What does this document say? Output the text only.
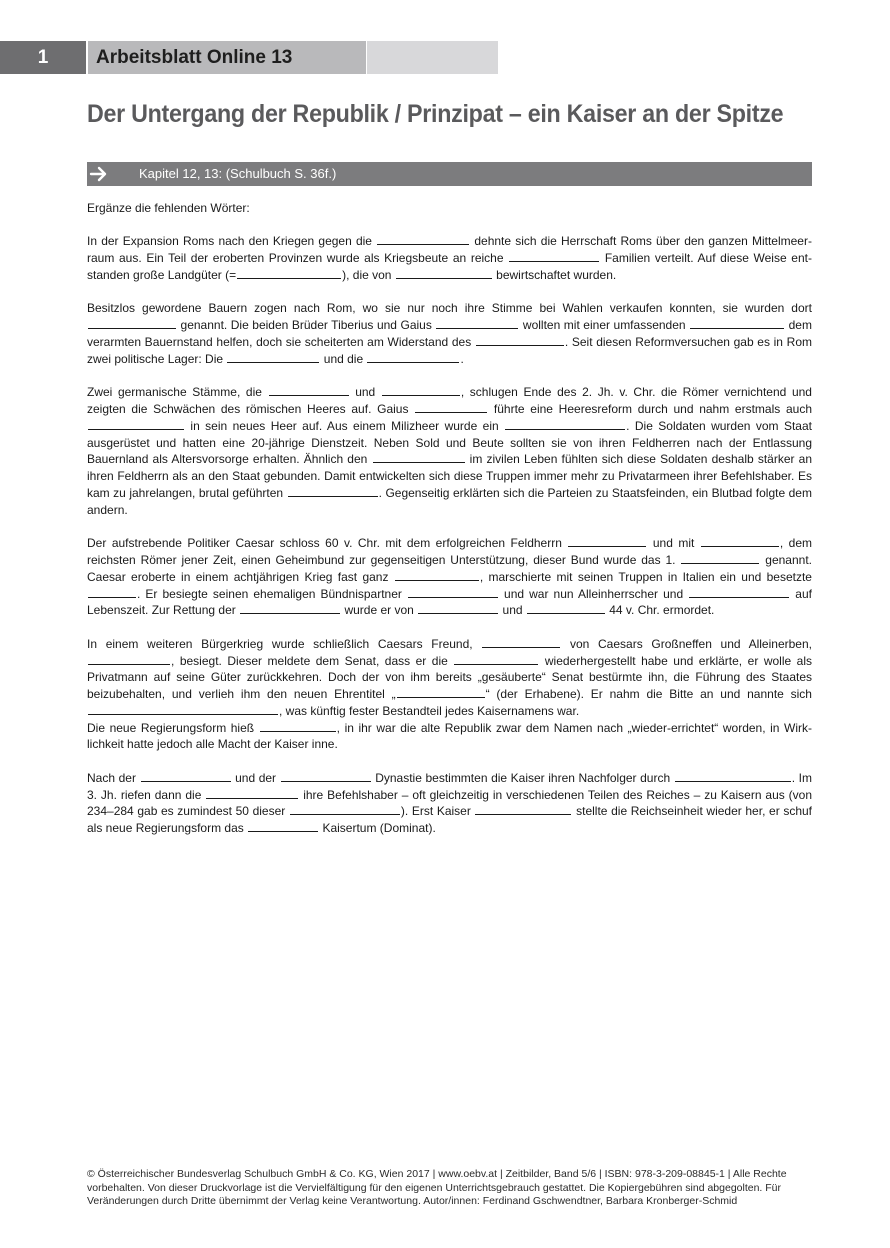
1	Arbeitsblatt Online 13
Der Untergang der Republik / Prinzipat – ein Kaiser an der Spitze
Kapitel 12, 13: (Schulbuch S. 36f.)

Ergänze die fehlenden Wörter:

In der Expansion Roms nach den Kriegen gegen die	dehnte sich die Herrschaft Roms über den ganzen Mittelmeerraum aus. Ein Teil der eroberten Provinzen wurde als Kriegsbeute an reiche	Familien verteilt. Auf diese Weise entstanden große Landgüter (=	), die von	bewirtschaftet wurden.

Besitzlos gewordene Bauern zogen nach Rom, wo sie nur noch ihre Stimme bei Wahlen verkaufen konnten, sie wurden dort  genannt. Die beiden Brüder Tiberius und Gaius	wollten mit einer umfassenden	dem verarmten Bauernstand helfen, doch sie scheiterten am Widerstand des	. Seit diesen Reformversuchen gab es in Rom zwei politische Lager: Die	und die	.

Zwei germanische Stämme, die	und	, schlugen Ende des 2. Jh. v. Chr. die Römer vernichtend und zeigten die Schwächen des römischen Heeres auf. Gaius	führte eine Heeresreform durch und nahm erstmals auch  in sein neues Heer auf. Aus einem Milizheer wurde ein	. Die Soldaten wurden vom Staat ausgerüstet und hatten eine 20-jährige Dienstzeit. Neben Sold und Beute sollten sie von ihren Feldherren nach der Entlassung Bauernland als Altersvorsorge erhalten. Ähnlich den	im zivilen Leben fühlten sich diese Soldaten deshalb stärker an ihren Feldherrn als an den Staat gebunden. Damit entwickelten sich diese Truppen immer mehr zu Privatarmeen ihrer Befehlshaber. Es kam zu jahrelangen, brutal geführten	. Gegenseitig erklärten sich die Parteien zu Staatsfeinden, ein Blutbad folgte dem andern.

Der aufstrebende Politiker Caesar schloss 60 v. Chr. mit dem erfolgreichen Feldherrn	und mit	, dem reichsten Römer jener Zeit, einen Geheimbund zur gegenseitigen Unterstützung, dieser Bund wurde das 1.	genannt. Caesar eroberte in einem achtjährigen Krieg fast ganz	, marschierte mit seinen Truppen in Italien ein und besetzte . Er besiegte seinen ehemaligen Bündnispartner	und war nun Alleinherrscher und	auf Lebenszeit. Zur Rettung der	wurde er von	und	44 v. Chr. ermordet.

In einem weiteren Bürgerkrieg wurde schließlich Caesars Freund,	von Caesars Großneffen und Alleinerben, , besiegt. Dieser meldete dem Senat, dass er die	wiederhergestellt habe und erklärte, er wolle als Privatmann auf seine Güter zurückkehren. Doch der von ihm bereits „gesäuberte“ Senat bestürmte ihn, die Führung des Staates beizubehalten, und verlieh ihm den neuen Ehrentitel „	“ (der Erhabene). Er nahm die Bitte an und nannte sich , was künftig fester Bestandteil jedes Kaisernamens war.

Die neue Regierungsform hieß	, in ihr war die alte Republik zwar dem Namen nach „wieder-errichtet“ worden, in Wirklichkeit hatte jedoch alle Macht der Kaiser inne.

Nach der	und der	Dynastie bestimmten die Kaiser ihren Nachfolger durch	. Im 3. Jh. riefen dann die	ihre Befehlshaber – oft gleichzeitig in verschiedenen Teilen des Reiches – zu Kaisern aus (von 234–284 gab es zumindest 50 dieser	). Erst Kaiser	stellte die Reichseinheit wieder her, er schuf als neue Regierungsform das	Kaisertum (Dominat).

© Österreichischer Bundesverlag Schulbuch GmbH & Co. KG, Wien 2017 | www.oebv.at | Zeitbilder, Band 5/6 | ISBN: 978-3-209-08845-1 | Alle Rechte vorbehalten. Von dieser Druckvorlage ist die Vervielfältigung für den eigenen Unterrichtsgebrauch gestattet. Die Kopiergebühren sind abgegolten. Für Veränderungen durch Dritte übernimmt der Verlag keine Verantwortung. Autor/innen: Ferdinand Gschwendtner, Barbara Kronberger-Schmid
